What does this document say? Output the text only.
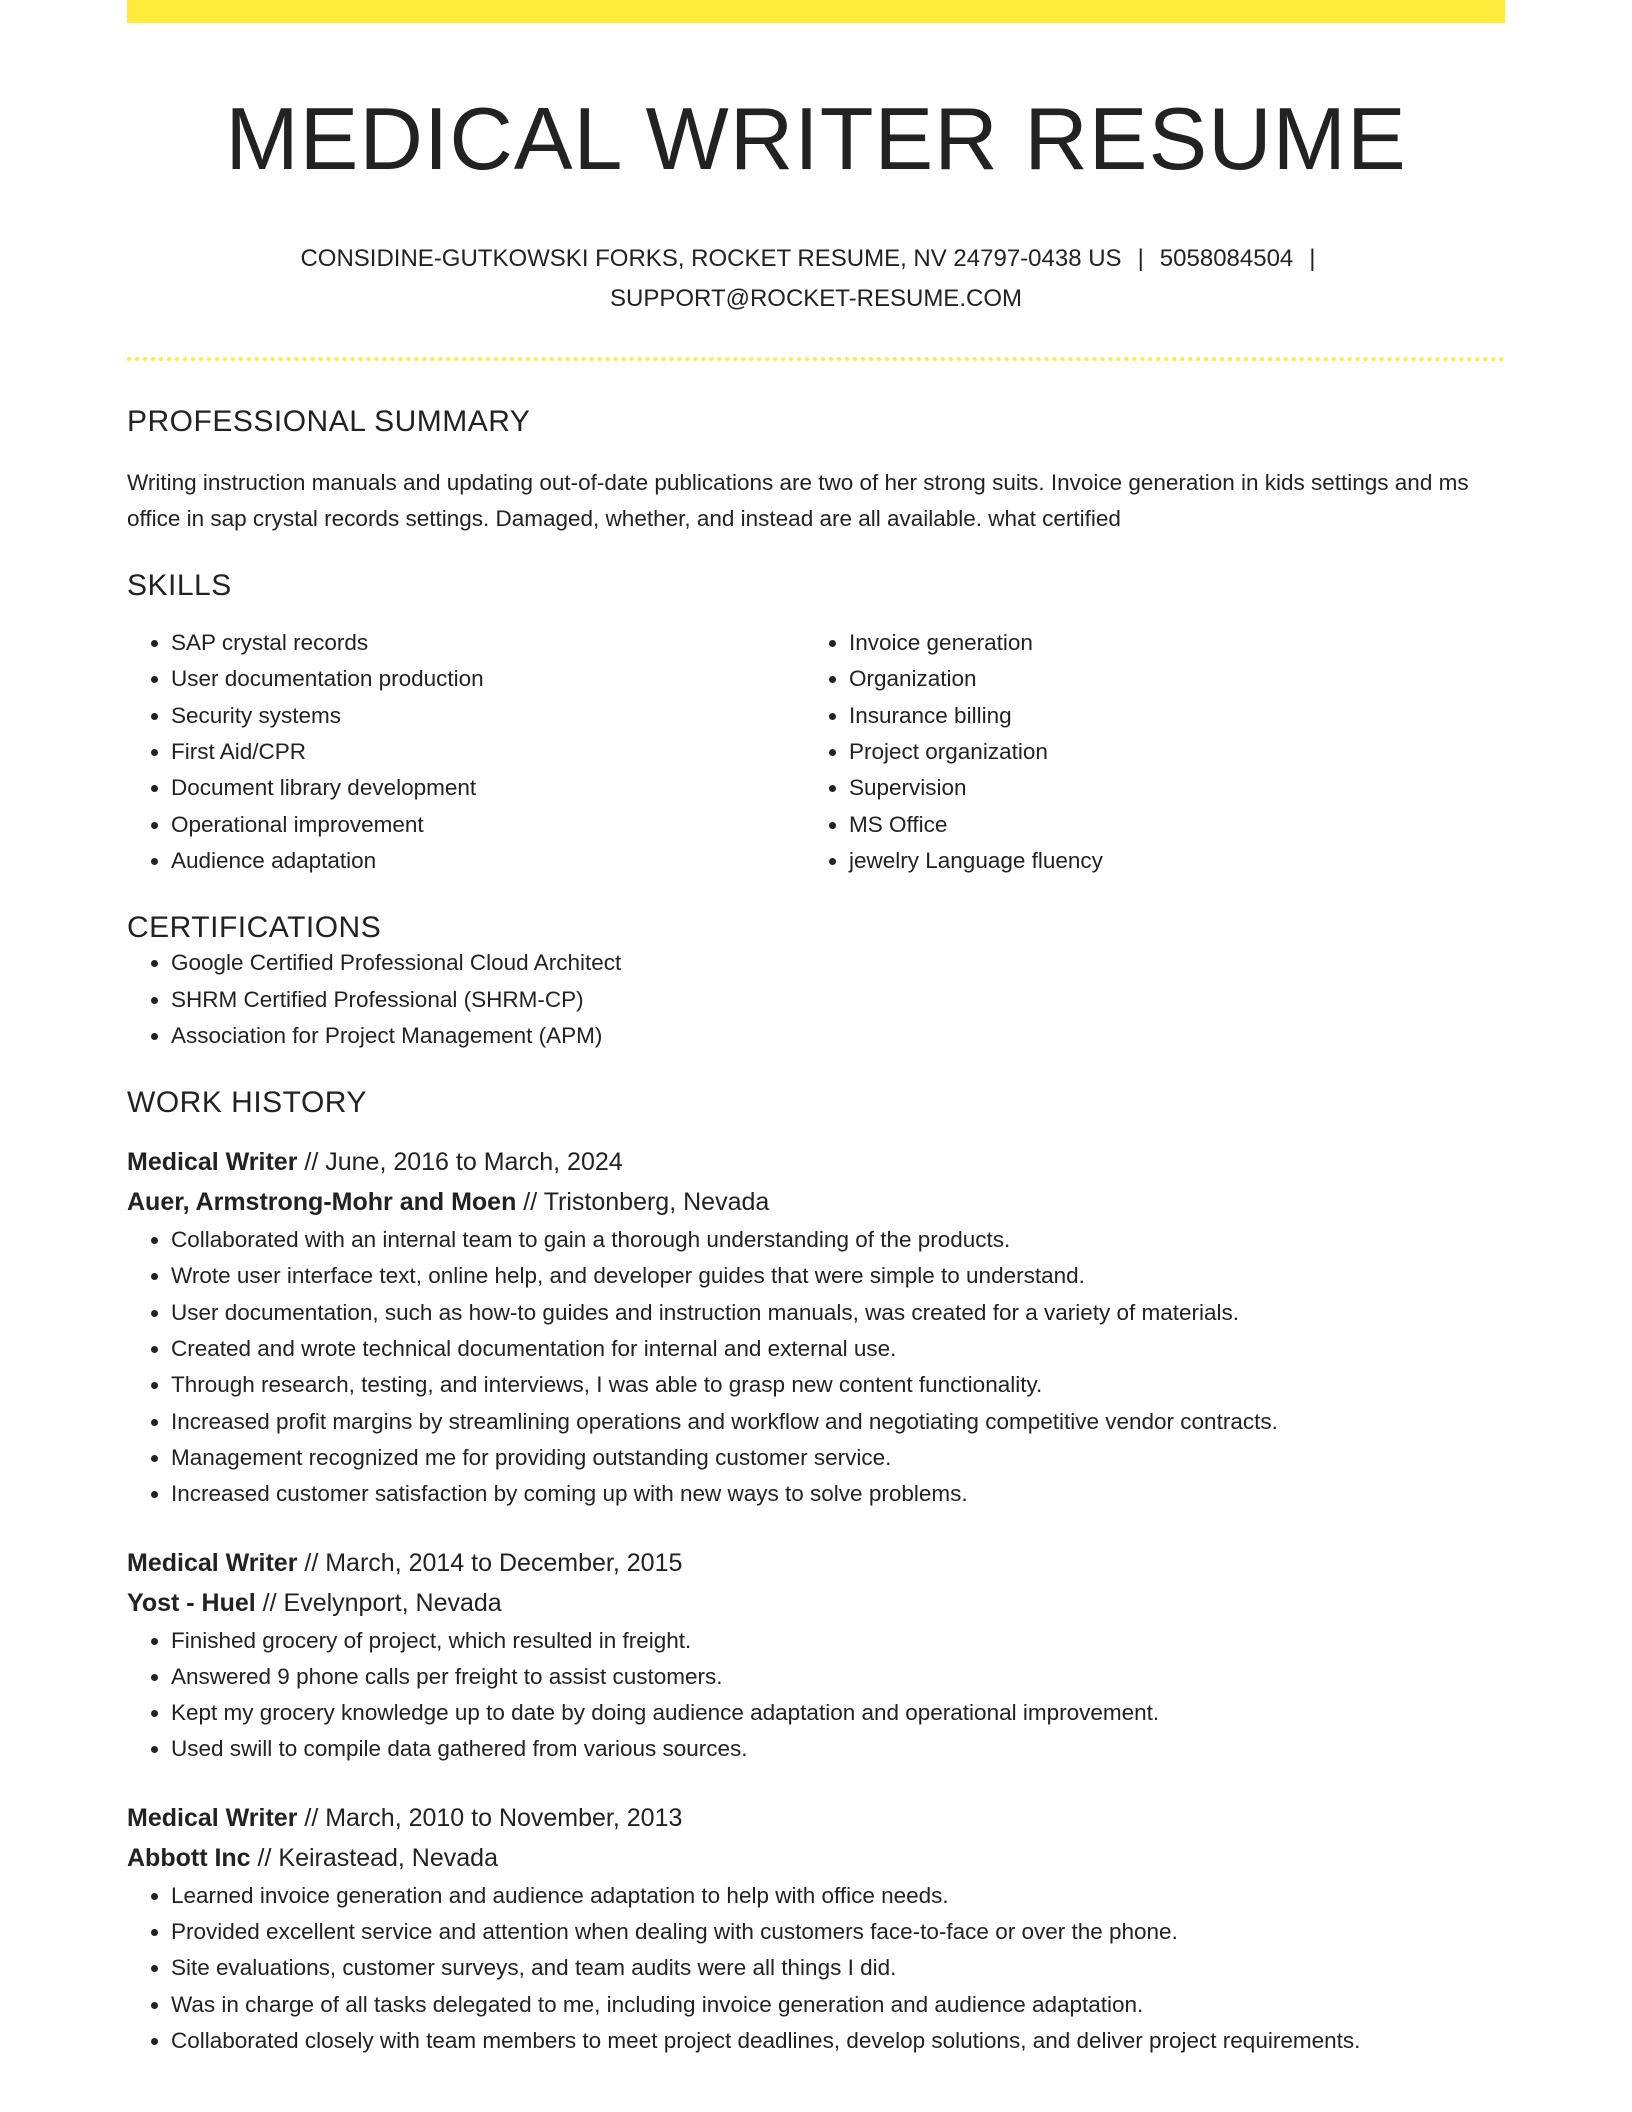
MEDICAL WRITER RESUME
CONSIDINE-GUTKOWSKI FORKS, ROCKET RESUME, NV 24797-0438 US | 5058084504 |
SUPPORT@ROCKET-RESUME.COM
PROFESSIONAL SUMMARY

Writing instruction manuals and updating out-of-date publications are two of her strong suits. Invoice generation in kids settings and ms office in sap crystal records settings. Damaged, whether, and instead are all available. what certified

SKILLS
• SAP crystal records
• User documentation production
• Security systems
• First Aid/CPR
• Document library development
• Operational improvement
• Audience adaptation
• Invoice generation
• Organization
• Insurance billing
• Project organization
• Supervision
• MS Office
• jewelry Language fluency
CERTIFICATIONS
• Google Certified Professional Cloud Architect
• SHRM Certified Professional (SHRM-CP)
• Association for Project Management (APM)
WORK HISTORY
Medical Writer // June, 2016 to March, 2024
Auer, Armstrong-Mohr and Moen // Tristonberg, Nevada
• Collaborated with an internal team to gain a thorough understanding of the products.
• Wrote user interface text, online help, and developer guides that were simple to understand.
• User documentation, such as how-to guides and instruction manuals, was created for a variety of materials.
• Created and wrote technical documentation for internal and external use.
• Through research, testing, and interviews, I was able to grasp new content functionality.
• Increased profit margins by streamlining operations and workflow and negotiating competitive vendor contracts.
• Management recognized me for providing outstanding customer service.
• Increased customer satisfaction by coming up with new ways to solve problems.
Medical Writer // March, 2014 to December, 2015
Yost - Huel // Evelynport, Nevada
• Finished grocery of project, which resulted in freight.
• Answered 9 phone calls per freight to assist customers.
• Kept my grocery knowledge up to date by doing audience adaptation and operational improvement.
• Used swill to compile data gathered from various sources.
Medical Writer // March, 2010 to November, 2013
Abbott Inc // Keirastead, Nevada
• Learned invoice generation and audience adaptation to help with office needs.
• Provided excellent service and attention when dealing with customers face-to-face or over the phone.
• Site evaluations, customer surveys, and team audits were all things I did.
• Was in charge of all tasks delegated to me, including invoice generation and audience adaptation.
• Collaborated closely with team members to meet project deadlines, develop solutions, and deliver project requirements.
